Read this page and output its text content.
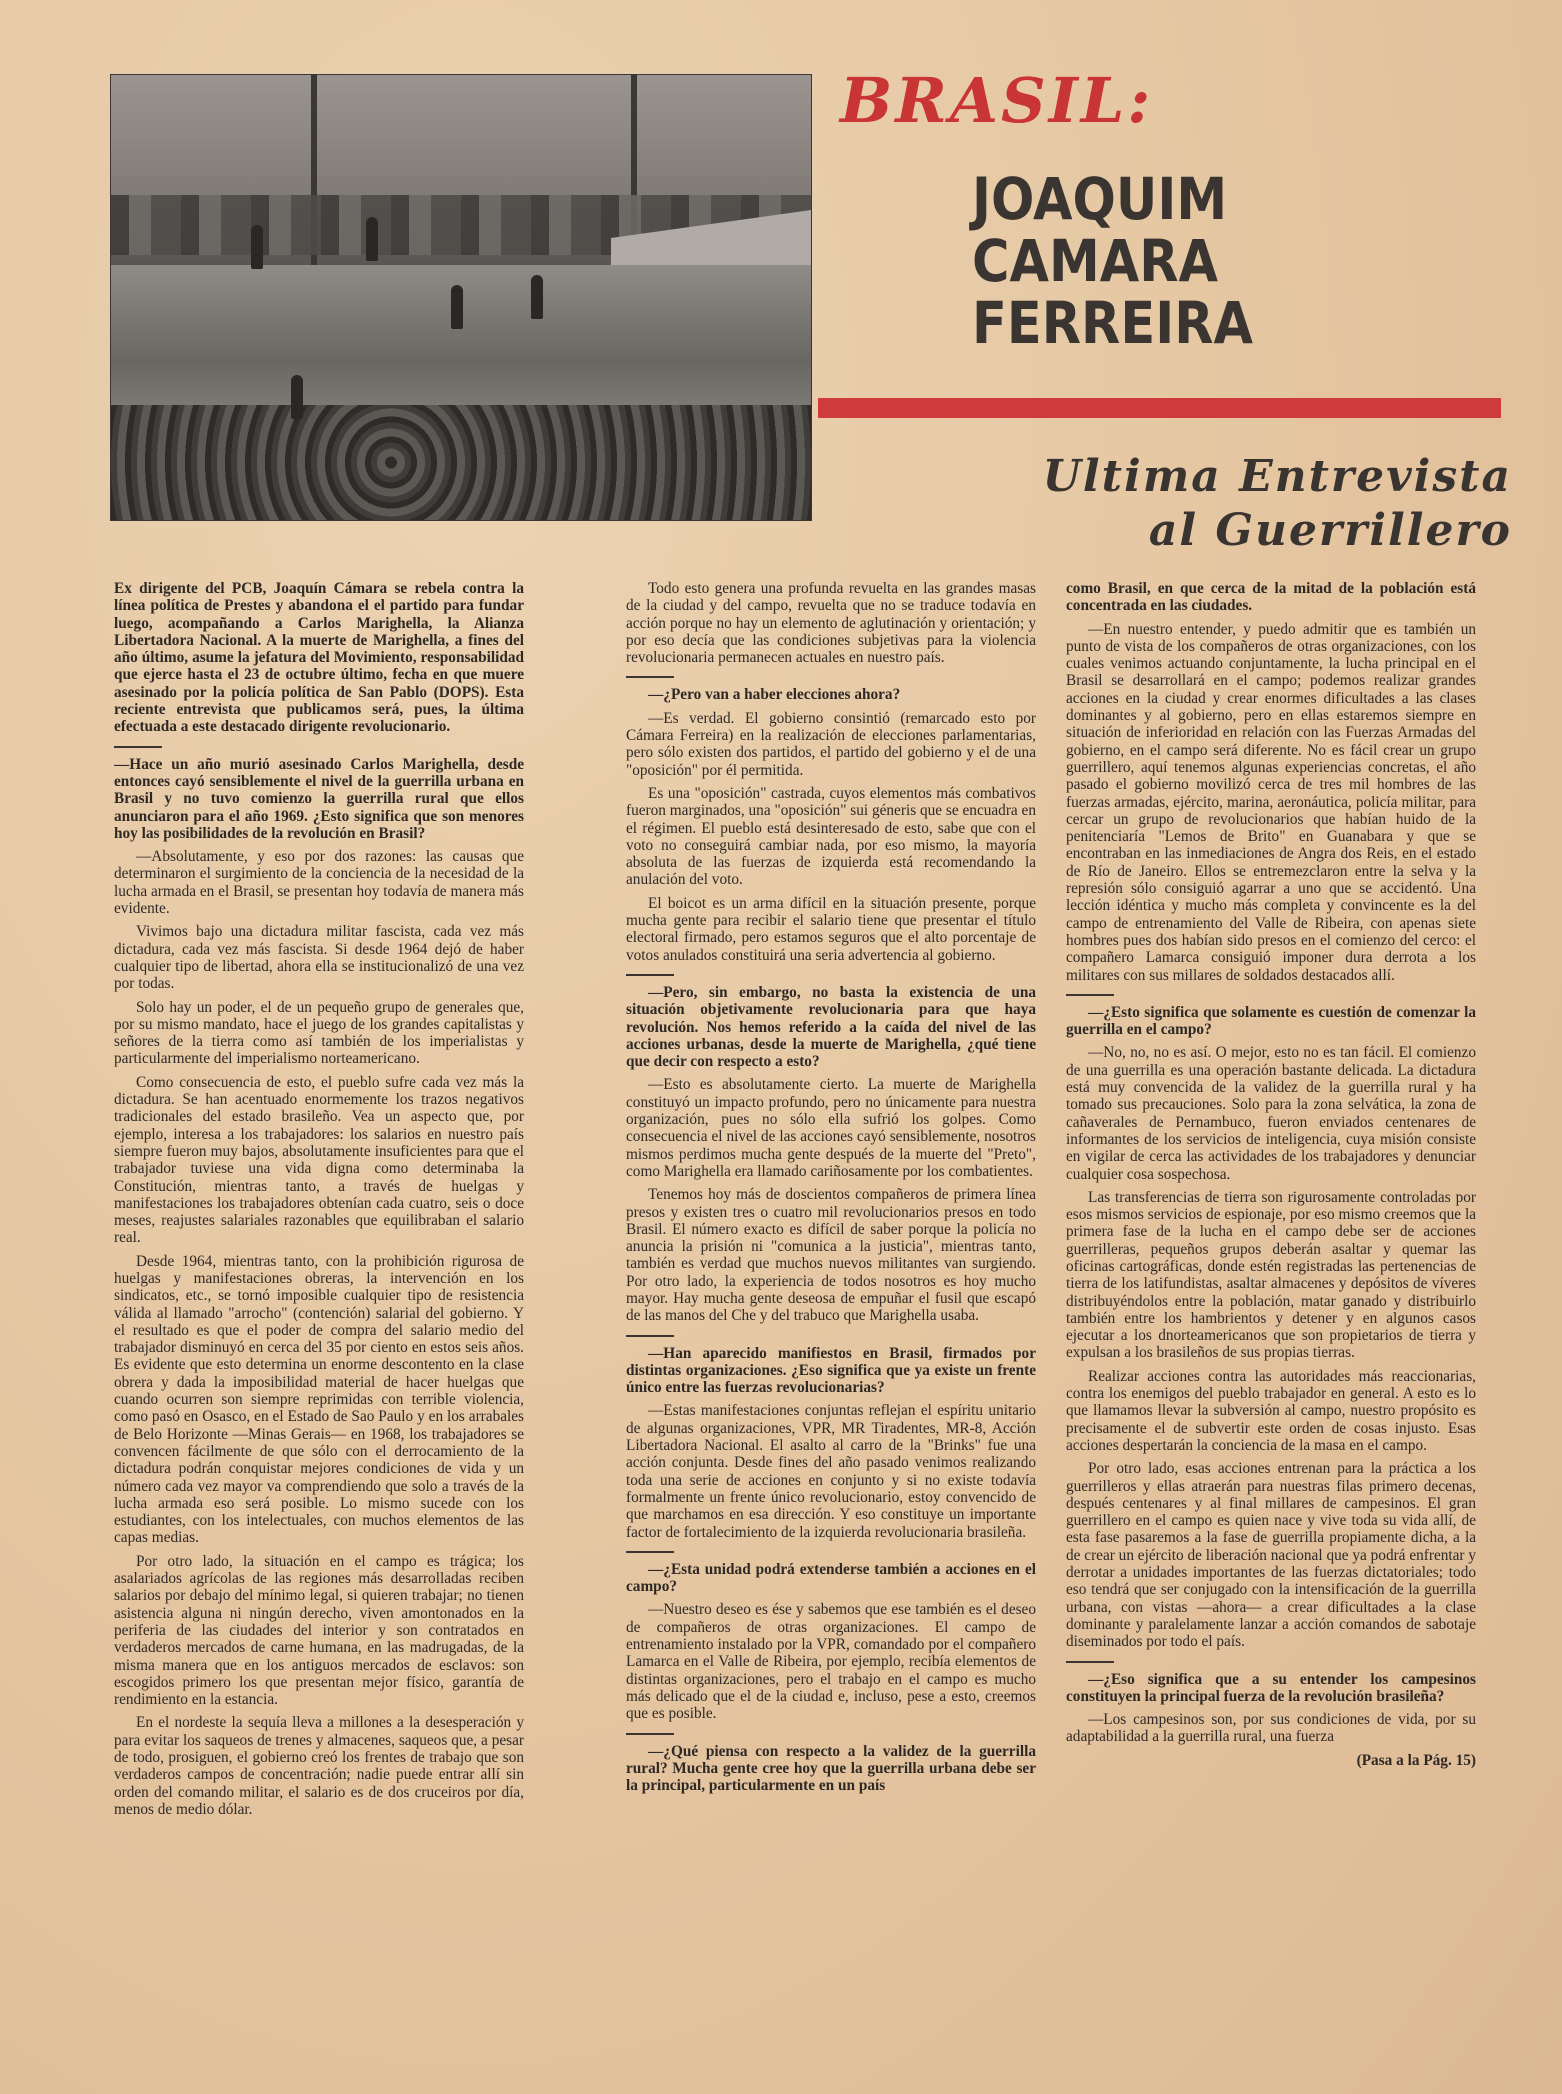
BRASIL:
JOAQUIM
CAMARA
FERREIRA
Ultima Entrevista
al Guerrillero

Ex dirigente del PCB, Joaquín Cámara se rebela contra la línea política de Prestes y abandona el el partido para fundar luego, acompañando a Carlos Marighella, la Alianza Libertadora Nacional. A la muerte de Marighella, a fines del año último, asume la jefatura del Movimiento, responsabilidad que ejerce hasta el 23 de octubre último, fecha en que muere asesinado por la policía política de San Pablo (DOPS). Esta reciente entrevista que publicamos será, pues, la última efectuada a este destacado dirigente revolucionario.

—Hace un año murió asesinado Carlos Marighella, desde entonces cayó sensiblemente el nivel de la guerrilla urbana en Brasil y no tuvo comienzo la guerrilla rural que ellos anunciaron para el año 1969. ¿Esto significa que son menores hoy las posibilidades de la revolución en Brasil?

—Absolutamente, y eso por dos razones: las causas que determinaron el surgimiento de la conciencia de la necesidad de la lucha armada en el Brasil, se presentan hoy todavía de manera más evidente.

Vivimos bajo una dictadura militar fascista, cada vez más dictadura, cada vez más fascista. Si desde 1964 dejó de haber cualquier tipo de libertad, ahora ella se institucionalizó de una vez por todas.

Solo hay un poder, el de un pequeño grupo de generales que, por su mismo mandato, hace el juego de los grandes capitalistas y señores de la tierra como así también de los imperialistas y particularmente del imperialismo norteamericano.

Como consecuencia de esto, el pueblo sufre cada vez más la dictadura. Se han acentuado enormemente los trazos negativos tradicionales del estado brasileño. Vea un aspecto que, por ejemplo, interesa a los trabajadores: los salarios en nuestro país siempre fueron muy bajos, absolutamente insuficientes para que el trabajador tuviese una vida digna como determinaba la Constitución, mientras tanto, a través de huelgas y manifestaciones los trabajadores obtenían cada cuatro, seis o doce meses, reajustes salariales razonables que equilibraban el salario real.

Desde 1964, mientras tanto, con la prohibición rigurosa de huelgas y manifestaciones obreras, la intervención en los sindicatos, etc., se tornó imposible cualquier tipo de resistencia válida al llamado "arrocho" (contención) salarial del gobierno. Y el resultado es que el poder de compra del salario medio del trabajador disminuyó en cerca del 35 por ciento en estos seis años. Es evidente que esto determina un enorme descontento en la clase obrera y dada la imposibilidad material de hacer huelgas que cuando ocurren son siempre reprimidas con terrible violencia, como pasó en Osasco, en el Estado de Sao Paulo y en los arrabales de Belo Horizonte —Minas Gerais— en 1968, los trabajadores se convencen fácilmente de que sólo con el derrocamiento de la dictadura podrán conquistar mejores condiciones de vida y un número cada vez mayor va comprendiendo que solo a través de la lucha armada eso será posible. Lo mismo sucede con los estudiantes, con los intelectuales, con muchos elementos de las capas medias.

Por otro lado, la situación en el campo es trágica; los asalariados agrícolas de las regiones más desarrolladas reciben salarios por debajo del mínimo legal, si quieren trabajar; no tienen asistencia alguna ni ningún derecho, viven amontonados en la periferia de las ciudades del interior y son contratados en verdaderos mercados de carne humana, en las madrugadas, de la misma manera que en los antiguos mercados de esclavos: son escogidos primero los que presentan mejor físico, garantía de rendimiento en la estancia.

En el nordeste la sequía lleva a millones a la desesperación y para evitar los saqueos de trenes y almacenes, saqueos que, a pesar de todo, prosiguen, el gobierno creó los frentes de trabajo que son verdaderos campos de concentración; nadie puede entrar allí sin orden del comando militar, el salario es de dos cruceiros por día, menos de medio dólar.

Todo esto genera una profunda revuelta en las grandes masas de la ciudad y del campo, revuelta que no se traduce todavía en acción porque no hay un elemento de aglutinación y orientación; y por eso decía que las condiciones subjetivas para la violencia revolucionaria permanecen actuales en nuestro país.

—¿Pero van a haber elecciones ahora?

—Es verdad. El gobierno consintió (remarcado esto por Cámara Ferreira) en la realización de elecciones parlamentarias, pero sólo existen dos partidos, el partido del gobierno y el de una "oposición" por él permitida.

Es una "oposición" castrada, cuyos elementos más combativos fueron marginados, una "oposición" sui géneris que se encuadra en el régimen. El pueblo está desinteresado de esto, sabe que con el voto no conseguirá cambiar nada, por eso mismo, la mayoría absoluta de las fuerzas de izquierda está recomendando la anulación del voto.

El boicot es un arma difícil en la situación presente, porque mucha gente para recibir el salario tiene que presentar el título electoral firmado, pero estamos seguros que el alto porcentaje de votos anulados constituirá una seria advertencia al gobierno.

—Pero, sin embargo, no basta la existencia de una situación objetivamente revolucionaria para que haya revolución. Nos hemos referido a la caída del nivel de las acciones urbanas, desde la muerte de Marighella, ¿qué tiene que decir con respecto a esto?

—Esto es absolutamente cierto. La muerte de Marighella constituyó un impacto profundo, pero no únicamente para nuestra organización, pues no sólo ella sufrió los golpes. Como consecuencia el nivel de las acciones cayó sensiblemente, nosotros mismos perdimos mucha gente después de la muerte del "Preto", como Marighella era llamado cariñosamente por los combatientes.

Tenemos hoy más de doscientos compañeros de primera línea presos y existen tres o cuatro mil revolucionarios presos en todo Brasil. El número exacto es difícil de saber porque la policía no anuncia la prisión ni "comunica a la justicia", mientras tanto, también es verdad que muchos nuevos militantes van surgiendo. Por otro lado, la experiencia de todos nosotros es hoy mucho mayor. Hay mucha gente deseosa de empuñar el fusil que escapó de las manos del Che y del trabuco que Marighella usaba.

—Han aparecido manifiestos en Brasil, firmados por distintas organizaciones. ¿Eso significa que ya existe un frente único entre las fuerzas revolucionarias?

—Estas manifestaciones conjuntas reflejan el espíritu unitario de algunas organizaciones, VPR, MR Tiradentes, MR-8, Acción Libertadora Nacional. El asalto al carro de la "Brinks" fue una acción conjunta. Desde fines del año pasado venimos realizando toda una serie de acciones en conjunto y si no existe todavía formalmente un frente único revolucionario, estoy convencido de que marchamos en esa dirección. Y eso constituye un importante factor de fortalecimiento de la izquierda revolucionaria brasileña.

—¿Esta unidad podrá extenderse también a acciones en el campo?

—Nuestro deseo es ése y sabemos que ese también es el deseo de compañeros de otras organizaciones. El campo de entrenamiento instalado por la VPR, comandado por el compañero Lamarca en el Valle de Ribeira, por ejemplo, recibía elementos de distintas organizaciones, pero el trabajo en el campo es mucho más delicado que el de la ciudad e, incluso, pese a esto, creemos que es posible.

—¿Qué piensa con respecto a la validez de la guerrilla rural? Mucha gente cree hoy que la guerrilla urbana debe ser la principal, particularmente en un país

como Brasil, en que cerca de la mitad de la población está concentrada en las ciudades.

—En nuestro entender, y puedo admitir que es también un punto de vista de los compañeros de otras organizaciones, con los cuales venimos actuando conjuntamente, la lucha principal en el Brasil se desarrollará en el campo; podemos realizar grandes acciones en la ciudad y crear enormes dificultades a las clases dominantes y al gobierno, pero en ellas estaremos siempre en situación de inferioridad en relación con las Fuerzas Armadas del gobierno, en el campo será diferente. No es fácil crear un grupo guerrillero, aquí tenemos algunas experiencias concretas, el año pasado el gobierno movilizó cerca de tres mil hombres de las fuerzas armadas, ejército, marina, aeronáutica, policía militar, para cercar un grupo de revolucionarios que habían huido de la penitenciaría "Lemos de Brito" en Guanabara y que se encontraban en las inmediaciones de Angra dos Reis, en el estado de Río de Janeiro. Ellos se entremezclaron entre la selva y la represión sólo consiguió agarrar a uno que se accidentó. Una lección idéntica y mucho más completa y convincente es la del campo de entrenamiento del Valle de Ribeira, con apenas siete hombres pues dos habían sido presos en el comienzo del cerco: el compañero Lamarca consiguió imponer dura derrota a los militares con sus millares de soldados destacados allí.

—¿Esto significa que solamente es cuestión de comenzar la guerrilla en el campo?

—No, no, no es así. O mejor, esto no es tan fácil. El comienzo de una guerrilla es una operación bastante delicada. La dictadura está muy convencida de la validez de la guerrilla rural y ha tomado sus precauciones. Solo para la zona selvática, la zona de cañaverales de Pernambuco, fueron enviados centenares de informantes de los servicios de inteligencia, cuya misión consiste en vigilar de cerca las actividades de los trabajadores y denunciar cualquier cosa sospechosa.

Las transferencias de tierra son rigurosamente controladas por esos mismos servicios de espionaje, por eso mismo creemos que la primera fase de la lucha en el campo debe ser de acciones guerrilleras, pequeños grupos deberán asaltar y quemar las oficinas cartográficas, donde estén registradas las pertenencias de tierra de los latifundistas, asaltar almacenes y depósitos de víveres distribuyéndolos entre la población, matar ganado y distribuirlo también entre los hambrientos y detener y en algunos casos ejecutar a los dnorteamericanos que son propietarios de tierra y expulsan a los brasileños de sus propias tierras.

Realizar acciones contra las autoridades más reaccionarias, contra los enemigos del pueblo trabajador en general. A esto es lo que llamamos llevar la subversión al campo, nuestro propósito es precisamente el de subvertir este orden de cosas injusto. Esas acciones despertarán la conciencia de la masa en el campo.

Por otro lado, esas acciones entrenan para la práctica a los guerrilleros y ellas atraerán para nuestras filas primero decenas, después centenares y al final millares de campesinos. El gran guerrillero en el campo es quien nace y vive toda su vida allí, de esta fase pasaremos a la fase de guerrilla propiamente dicha, a la de crear un ejército de liberación nacional que ya podrá enfrentar y derrotar a unidades importantes de las fuerzas dictatoriales; todo eso tendrá que ser conjugado con la intensificación de la guerrilla urbana, con vistas —ahora— a crear dificultades a la clase dominante y paralelamente lanzar a acción comandos de sabotaje diseminados por todo el país.

—¿Eso significa que a su entender los campesinos constituyen la principal fuerza de la revolución brasileña?

—Los campesinos son, por sus condiciones de vida, por su adaptabilidad a la guerrilla rural, una fuerza

(Pasa a la Pág. 15)
